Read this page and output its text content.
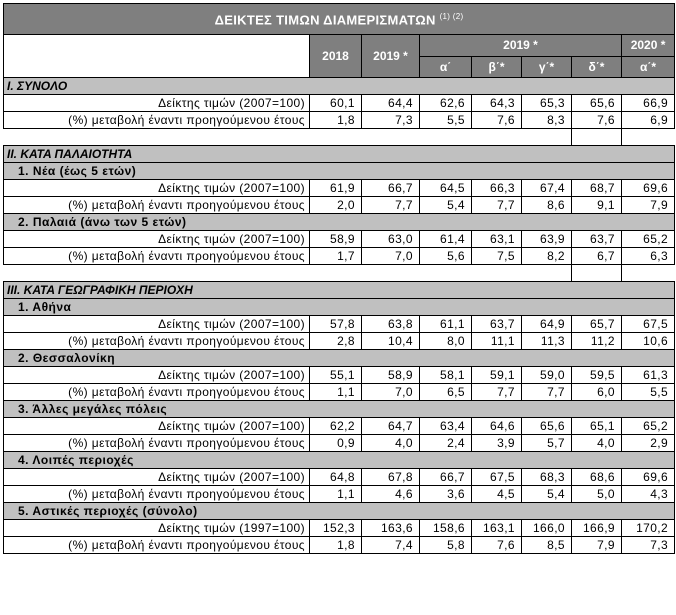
ΔΕΙΚΤΕΣ ΤΙΜΩΝ ΔΙΑΜΕΡΙΣΜΑΤΩΝ $^{(1) (2)}$
	2018	2019 *	2019 *				2020 *
			α΄	β΄*	γ΄*	δ΄*	α΄*
I. ΣΥΝΟΛΟ							
Δείκτης τιμών (2007=100)	60,1	64,4	62,6	64,3	65,3	65,6	66,9
(%) μεταβολή έναντι προηγούμενου έτους	1,8	7,3	5,5	7,6	8,3	7,6	6,9

II. ΚΑΤΑ ΠΑΛΑΙΟΤΗΤΑ							
1. Νέα (έως 5 ετών)							
Δείκτης τιμών (2007=100)	61,9	66,7	64,5	66,3	67,4	68,7	69,6
(%) μεταβολή έναντι προηγούμενου έτους	2,0	7,7	5,4	7,7	8,6	9,1	7,9
2. Παλαιά (άνω των 5 ετών)							
Δείκτης τιμών (2007=100)	58,9	63,0	61,4	63,1	63,9	63,7	65,2
(%) μεταβολή έναντι προηγούμενου έτους	1,7	7,0	5,6	7,5	8,2	6,7	6,3

III. ΚΑΤΑ ΓΕΩΓΡΑΦΙΚΗ ΠΕΡΙΟΧΗ							
1. Αθήνα							
Δείκτης τιμών (2007=100)	57,8	63,8	61,1	63,7	64,9	65,7	67,5
(%) μεταβολή έναντι προηγούμενου έτους	2,8	10,4	8,0	11,1	11,3	11,2	10,6
2. Θεσσαλονίκη							
Δείκτης τιμών (2007=100)	55,1	58,9	58,1	59,1	59,0	59,5	61,3
(%) μεταβολή έναντι προηγούμενου έτους	1,1	7,0	6,5	7,7	7,7	6,0	5,5
3. Άλλες μεγάλες πόλεις							
Δείκτης τιμών (2007=100)	62,2	64,7	63,4	64,6	65,6	65,1	65,2
(%) μεταβολή έναντι προηγούμενου έτους	0,9	4,0	2,4	3,9	5,7	4,0	2,9
4. Λοιπές περιοχές							
Δείκτης τιμών (2007=100)	64,8	67,8	66,7	67,5	68,3	68,6	69,6
(%) μεταβολή έναντι προηγούμενου έτους	1,1	4,6	3,6	4,5	5,4	5,0	4,3
5. Αστικές περιοχές (σύνολο)							
Δείκτης τιμών (1997=100)	152,3	163,6	158,6	163,1	166,0	166,9	170,2
(%) μεταβολή έναντι προηγούμενου έτους	1,8	7,4	5,8	7,6	8,5	7,9	7,3
